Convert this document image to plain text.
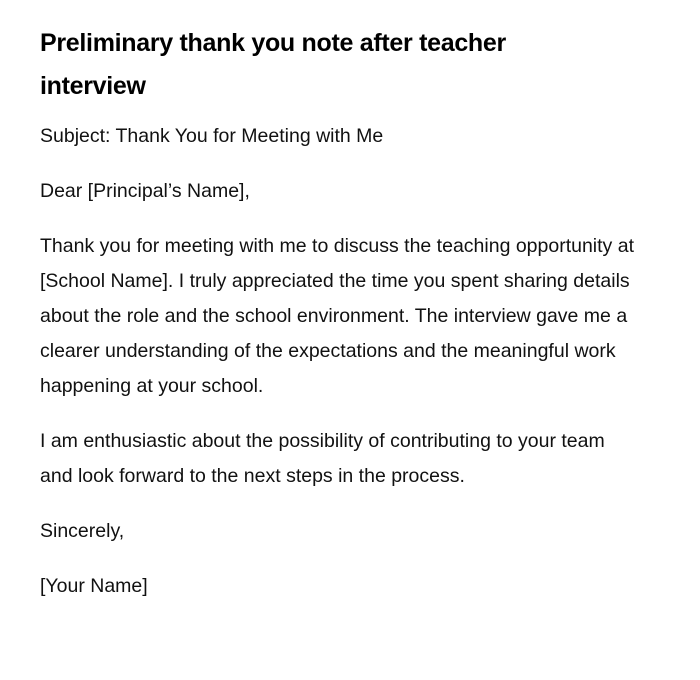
Preliminary thank you note after teacher interview

Subject: Thank You for Meeting with Me

Dear [Principal’s Name],

Thank you for meeting with me to discuss the teaching opportunity at [School Name]. I truly appreciated the time you spent sharing details about the role and the school environment. The interview gave me a clearer understanding of the expectations and the meaningful work happening at your school.

I am enthusiastic about the possibility of contributing to your team and look forward to the next steps in the process.

Sincerely,

[Your Name]
